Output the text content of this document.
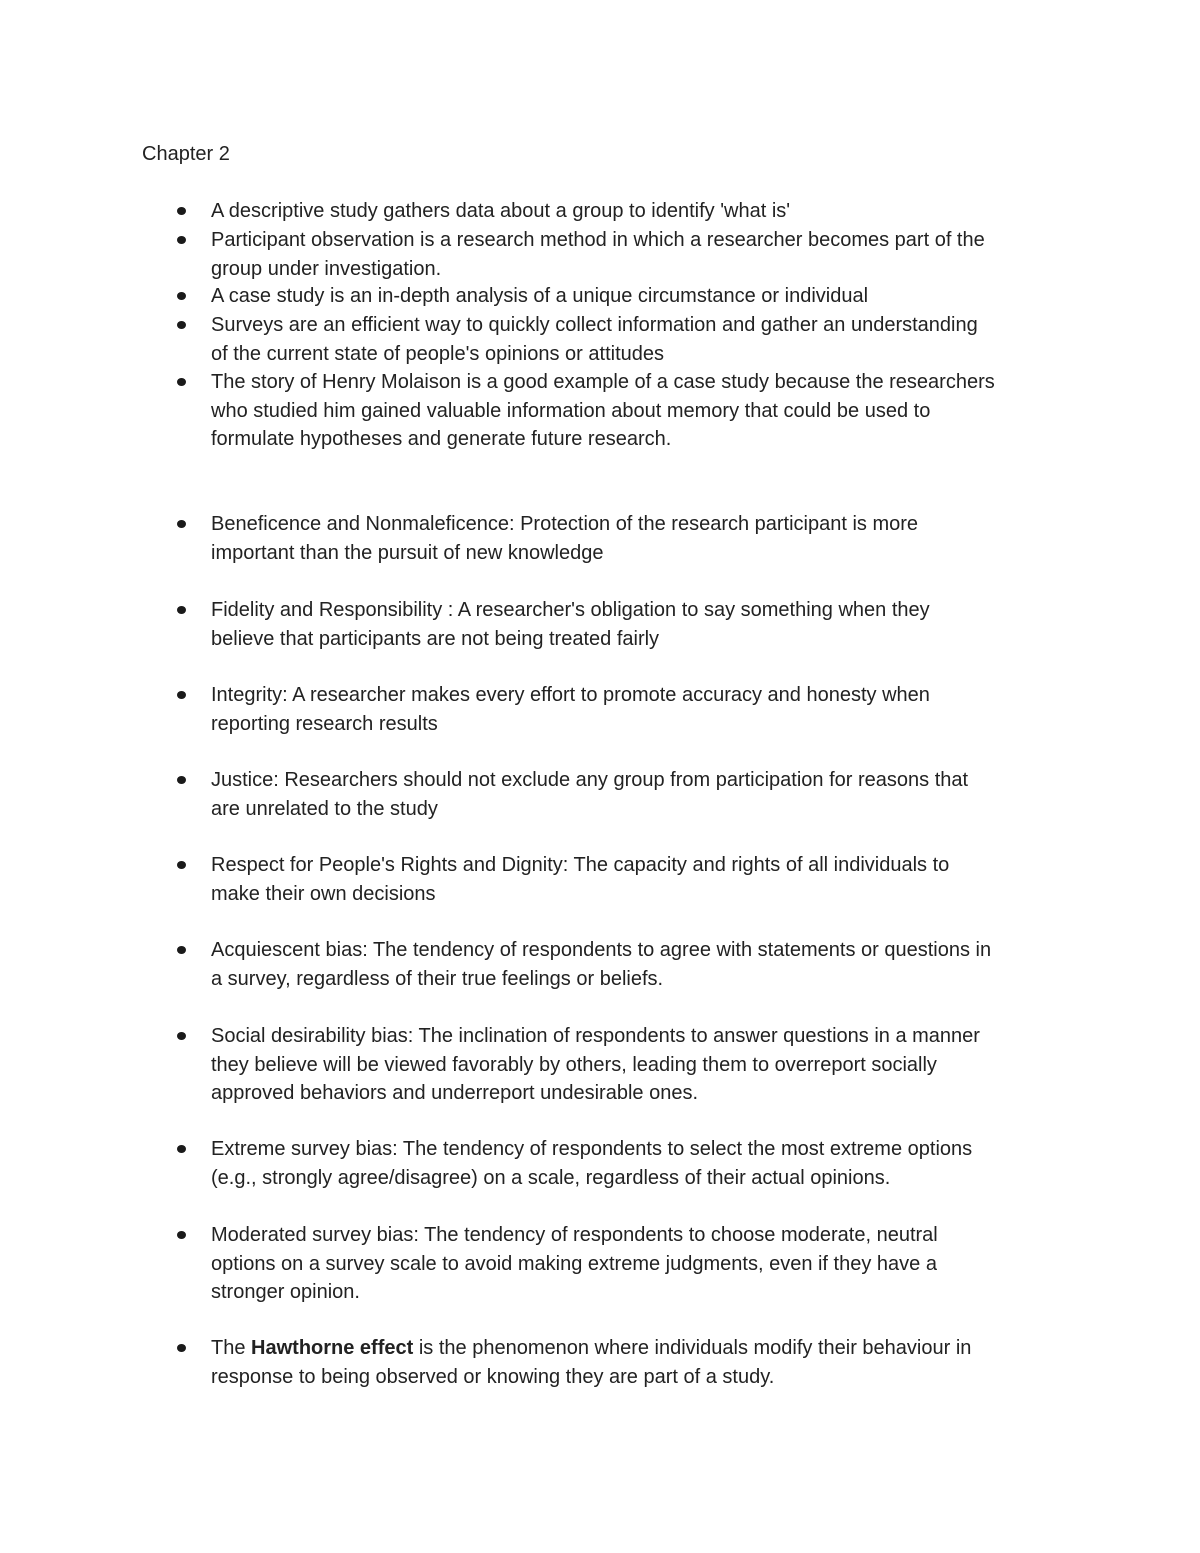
Chapter 2
A descriptive study gathers data about a group to identify 'what is'
Participant observation is a research method in which a researcher becomes part of the
group under investigation.
A case study is an in-depth analysis of a unique circumstance or individual
Surveys are an efficient way to quickly collect information and gather an understanding
of the current state of people's opinions or attitudes
The story of Henry Molaison is a good example of a case study because the researchers
who studied him gained valuable information about memory that could be used to
formulate hypotheses and generate future research.
Beneficence and Nonmaleficence: Protection of the research participant is more
important than the pursuit of new knowledge
Fidelity and Responsibility : A researcher's obligation to say something when they
believe that participants are not being treated fairly
Integrity: A researcher makes every effort to promote accuracy and honesty when
reporting research results
Justice: Researchers should not exclude any group from participation for reasons that
are unrelated to the study
Respect for People's Rights and Dignity: The capacity and rights of all individuals to
make their own decisions
Acquiescent bias: The tendency of respondents to agree with statements or questions in
a survey, regardless of their true feelings or beliefs.
Social desirability bias: The inclination of respondents to answer questions in a manner
they believe will be viewed favorably by others, leading them to overreport socially
approved behaviors and underreport undesirable ones.
Extreme survey bias: The tendency of respondents to select the most extreme options
(e.g., strongly agree/disagree) on a scale, regardless of their actual opinions.
Moderated survey bias: The tendency of respondents to choose moderate, neutral
options on a survey scale to avoid making extreme judgments, even if they have a
stronger opinion.
The Hawthorne effect is the phenomenon where individuals modify their behaviour in
response to being observed or knowing they are part of a study.
